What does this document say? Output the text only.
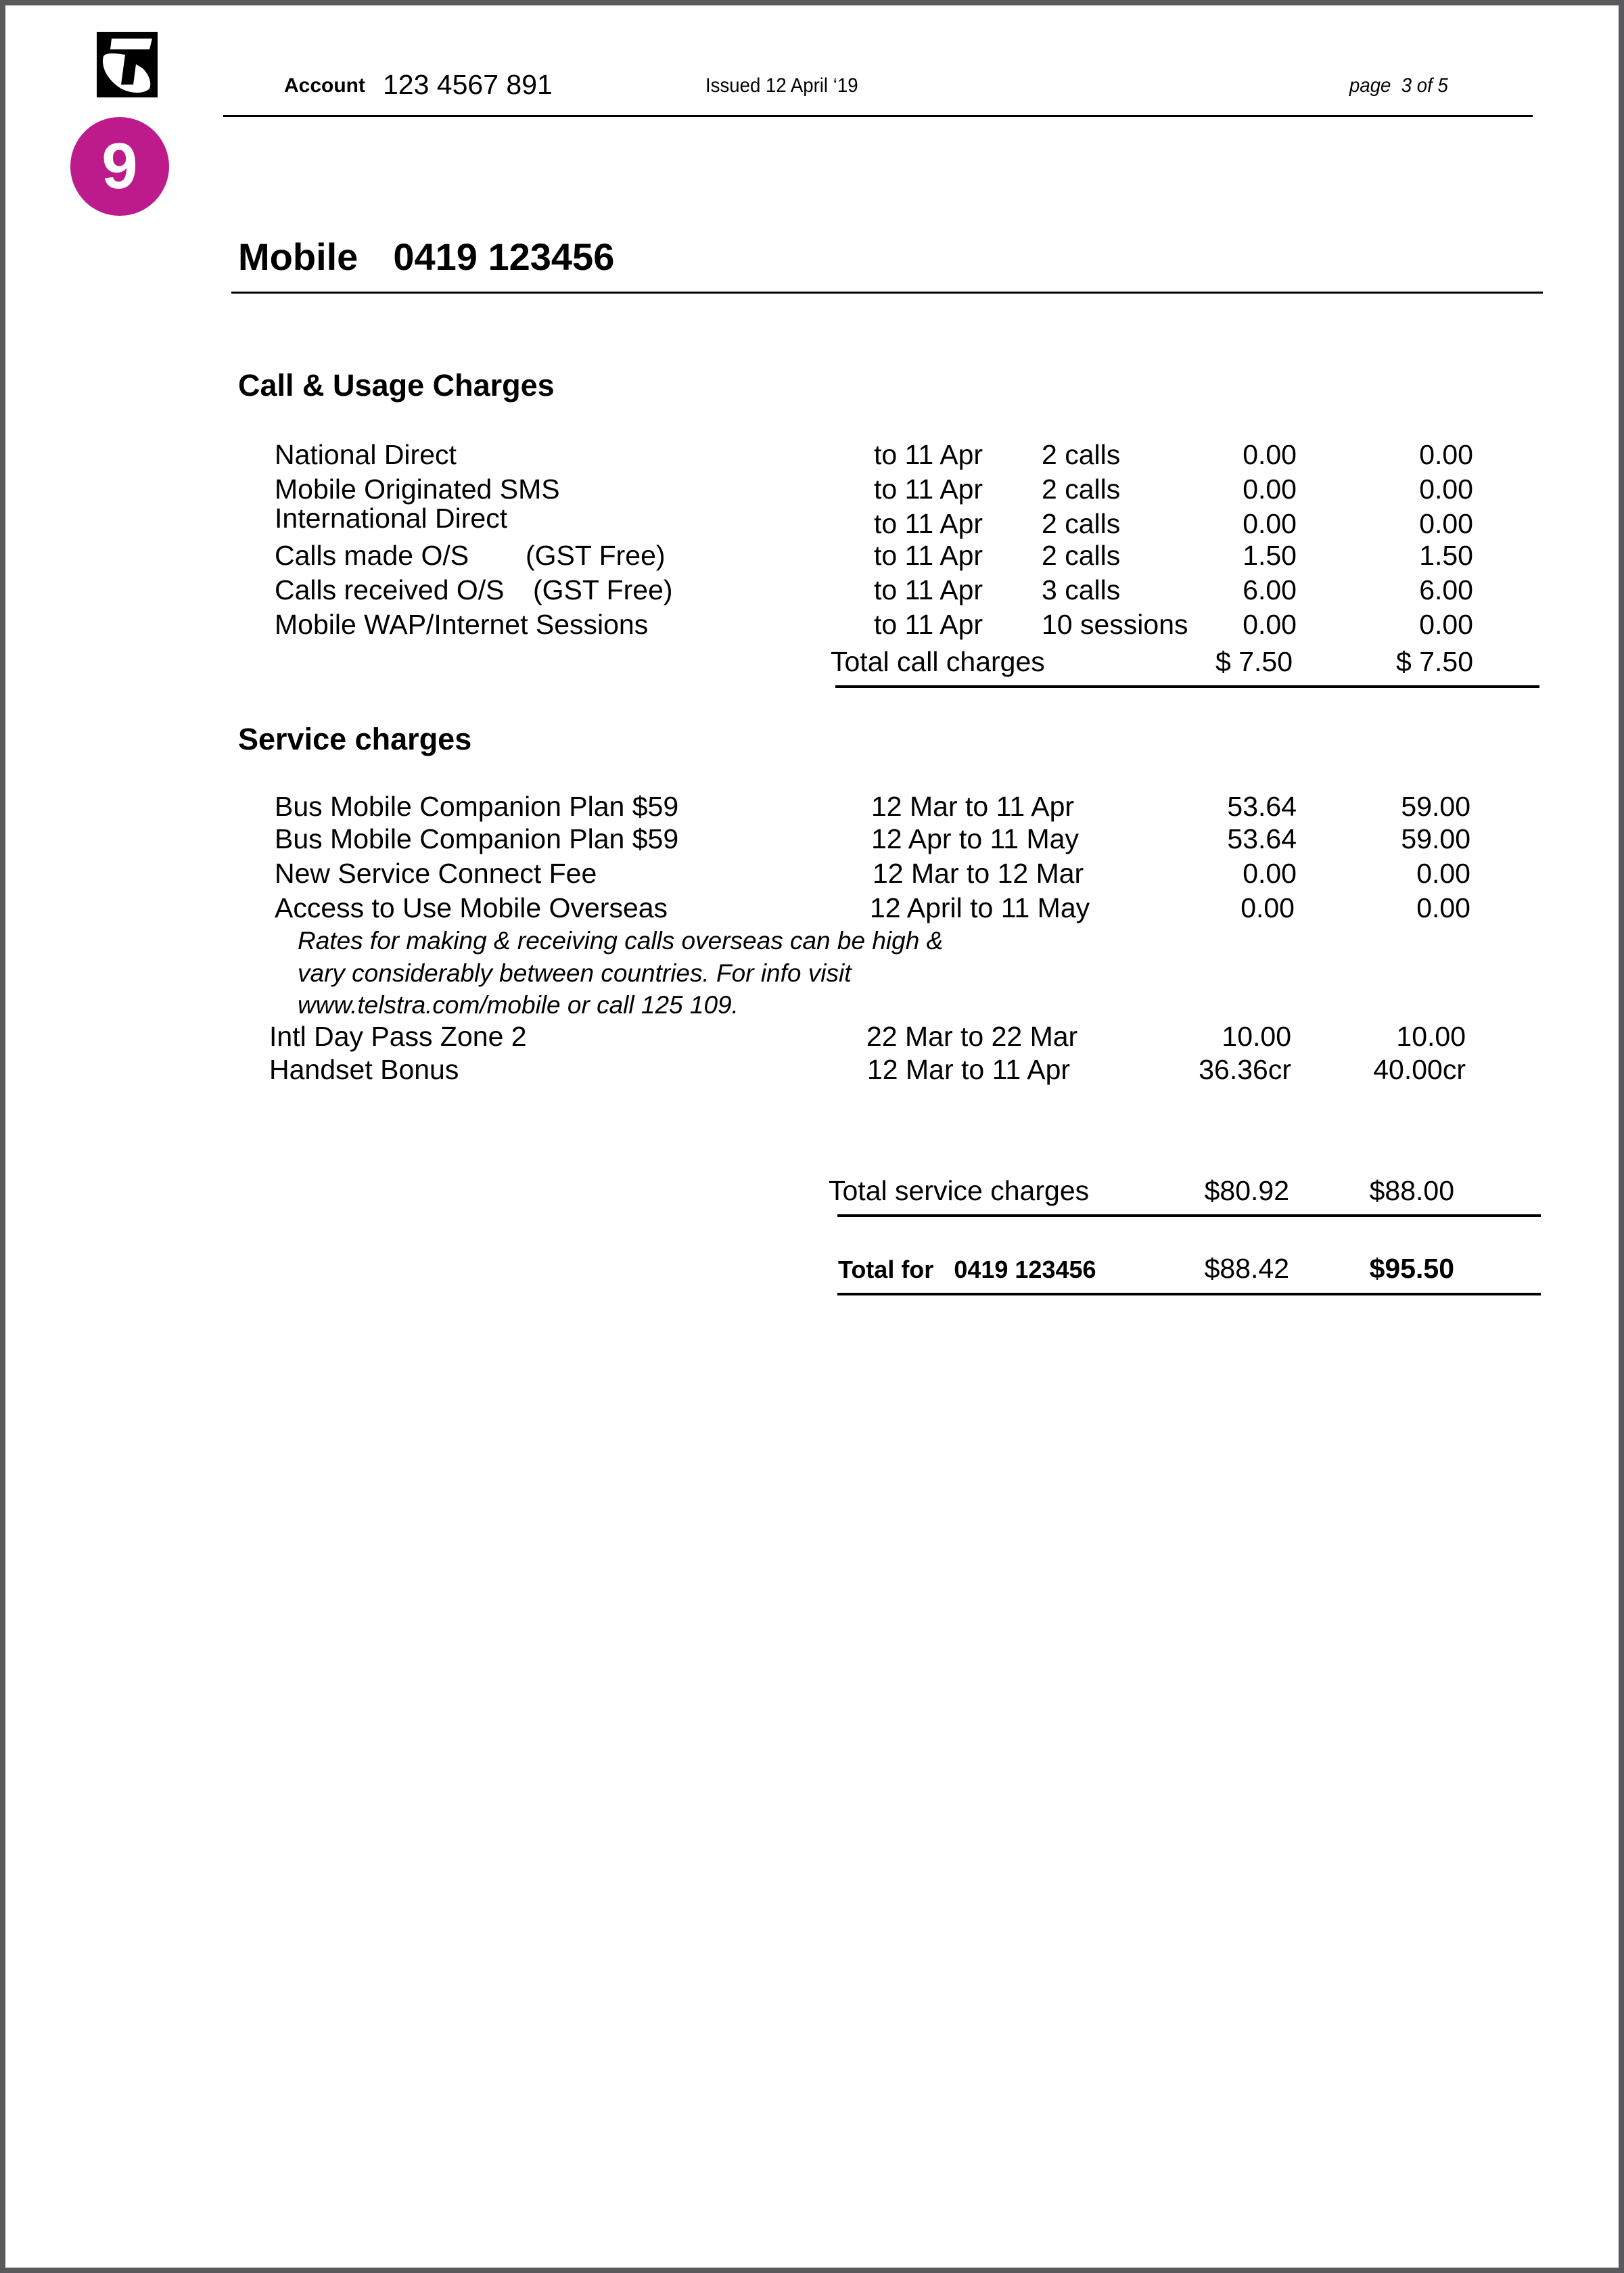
9
Account 123 4567 891	Issued 12 April ‘19	page 3 of 5
Mobile 0419 123456
Call & Usage Charges
National Direct	to 11 Apr 2 calls	0.00	0.00
Mobile Originated SMS	to 11 Apr 2 calls	0.00	0.00
International Direct	to 11 Apr 2 calls	0.00	0.00
Calls made O/S (GST Free)	to 11 Apr 2 calls	1.50	1.50
Calls received O/S (GST Free)	to 11 Apr 3 calls	6.00	6.00
Mobile WAP/Internet Sessions	to 11 Apr 10 sessions 0.00	0.00
Total call charges	$ 7.50	$ 7.50
Service charges
Bus Mobile Companion Plan $59	12 Mar to 11 Apr	53.64	59.00
Bus Mobile Companion Plan $59	12 Apr to 11 May	53.64	59.00
New Service Connect Fee	12 Mar to 12 Mar	0.00	0.00
Access to Use Mobile Overseas	12 April to 11 May	0.00	0.00
Intl Day Pass Zone 2	22 Mar to 22 Mar	10.00	10.00
Handset Bonus	12 Mar to 11 Apr	36.36cr	40.00cr
Rates for making & receiving calls overseas can be high &
vary considerably between countries. For info visit
www.telstra.com/mobile or call 125 109.
Total service charges	$80.92	$88.00
Total for 0419 123456	$88.42	$95.50
